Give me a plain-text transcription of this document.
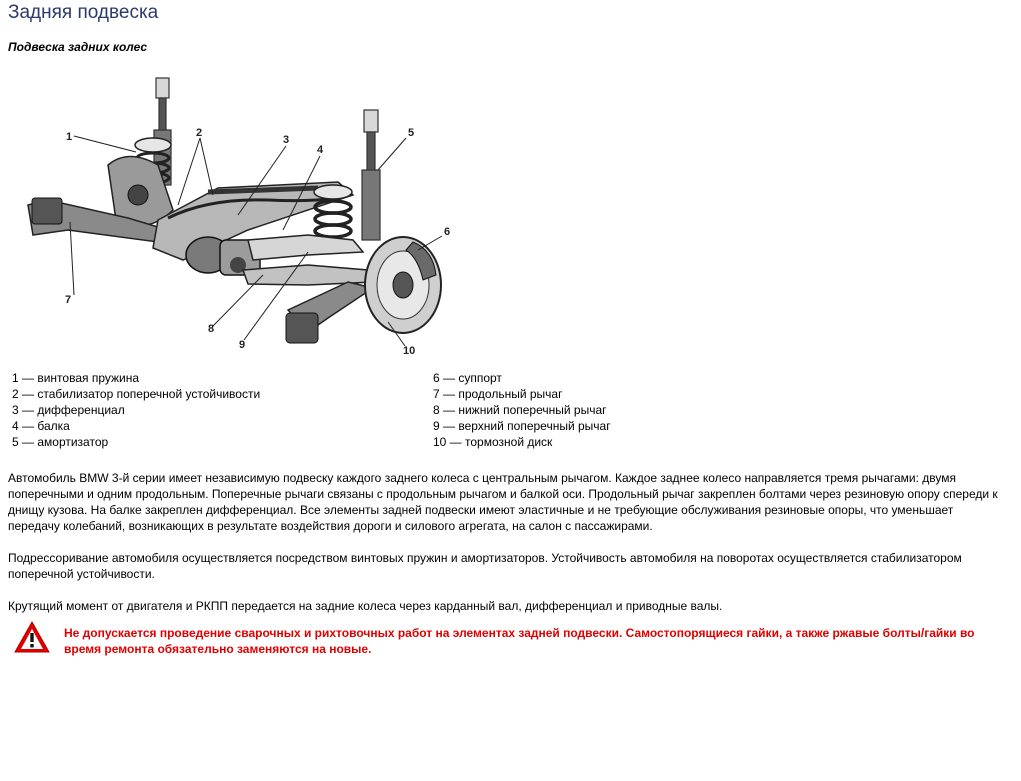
Задняя подвеска

Подвеска задних колес

1	2
3
4
5
6
7
8
9	10
1 — винтовая пружина
2 — стабилизатор поперечной устойчивости
3 — дифференциал
4 — балка
5 — амортизатор
6 — суппорт
7 — продольный рычаг
8 — нижний поперечный рычаг
9 — верхний поперечный рычаг
10 — тормозной диск

Автомобиль BMW 3-й серии имеет независимую подвеску каждого заднего колеса с центральным рычагом. Каждое заднее колесо направляется тремя рычагами: двумя поперечными и одним продольным. Поперечные рычаги связаны с продольным рычагом и балкой оси. Продольный рычаг закреплен болтами через резиновую опору спереди к днищу кузова. На балке закреплен дифференциал. Все элементы задней подвески имеют эластичные и не требующие обслуживания резиновые опоры, что уменьшает передачу колебаний, возникающих в результате воздействия дороги и силового агрегата, на салон с пассажирами.

Подрессоривание автомобиля осуществляется посредством винтовых пружин и амортизаторов. Устойчивость автомобиля на поворотах осуществляется стабилизатором поперечной устойчивости.

Крутящий момент от двигателя и РКПП передается на задние колеса через карданный вал, дифференциал и приводные валы.

Не допускается проведение сварочных и рихтовочных работ на элементах задней подвески. Самостопорящиеся гайки, а также ржавые болты/гайки во время ремонта обязательно заменяются на новые.
